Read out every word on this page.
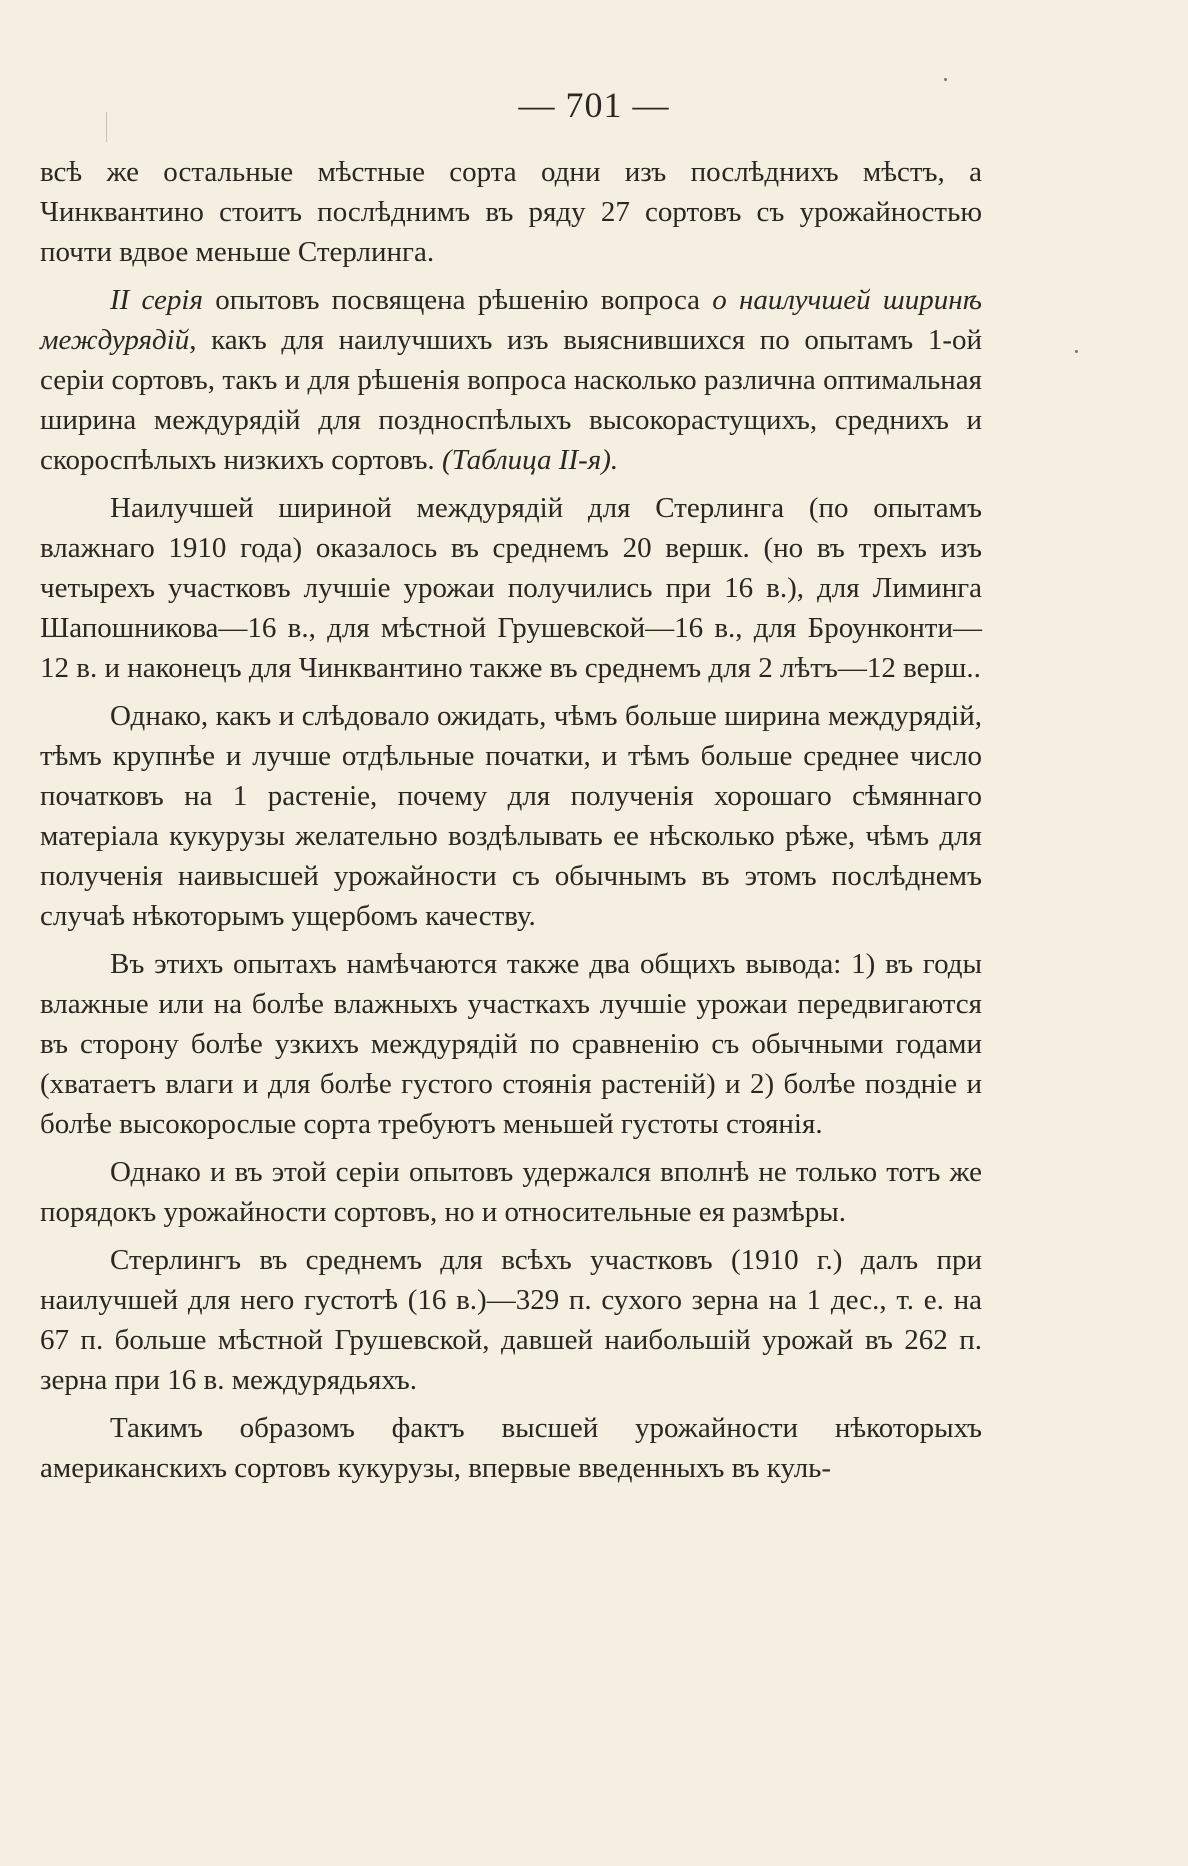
— 701 —

всѣ же остальные мѣстные сорта одни изъ послѣднихъ мѣстъ, а Чинквантино стоитъ послѣднимъ въ ряду 27 сортовъ съ урожайностью почти вдвое меньше Стерлинга.

II серія опытовъ посвящена рѣшенію вопроса о наилучшей ширинѣ междурядій, какъ для наилучшихъ изъ выяснившихся по опытамъ 1-ой серіи сортовъ, такъ и для рѣшенія вопроса насколько различна оптимальная ширина междурядій для поздноспѣлыхъ высокорастущихъ, среднихъ и скороспѣлыхъ низкихъ сортовъ. (Таблица II-я).

Наилучшей шириной междурядій для Стерлинга (по опытамъ влажнаго 1910 года) оказалось въ среднемъ 20 вершк. (но въ трехъ изъ четырехъ участковъ лучшіе урожаи получились при 16 в.), для Лиминга Шапошникова—16 в., для мѣстной Грушевской—16 в., для Броунконти—12 в. и наконецъ для Чинквантино также въ среднемъ для 2 лѣтъ—12 верш..

Однако, какъ и слѣдовало ожидать, чѣмъ больше ширина междурядій, тѣмъ крупнѣе и лучше отдѣльные початки, и тѣмъ больше среднее число початковъ на 1 растеніе, почему для полученія хорошаго сѣмяннаго матеріала кукурузы желательно воздѣлывать ее нѣсколько рѣже, чѣмъ для полученія наивысшей урожайности съ обычнымъ въ этомъ послѣднемъ случаѣ нѣкоторымъ ущербомъ качеству.

Въ этихъ опытахъ намѣчаются также два общихъ вывода: 1) въ годы влажные или на болѣе влажныхъ участкахъ лучшіе урожаи передвигаются въ сторону болѣе узкихъ междурядій по сравненію съ обычными годами (хватаетъ влаги и для болѣе густого стоянія растеній) и 2) болѣе поздніе и болѣе высокорослые сорта требуютъ меньшей густоты стоянія.

Однако и въ этой серіи опытовъ удержался вполнѣ не только тотъ же порядокъ урожайности сортовъ, но и относительные ея размѣры.

Стерлингъ въ среднемъ для всѣхъ участковъ (1910 г.) далъ при наилучшей для него густотѣ (16 в.)—329 п. сухого зерна на 1 дес., т. е. на 67 п. больше мѣстной Грушевской, давшей наибольшій урожай въ 262 п. зерна при 16 в. междурядьяхъ.

Такимъ образомъ фактъ высшей урожайности нѣкоторыхъ американскихъ сортовъ кукурузы, впервые введенныхъ въ куль-
